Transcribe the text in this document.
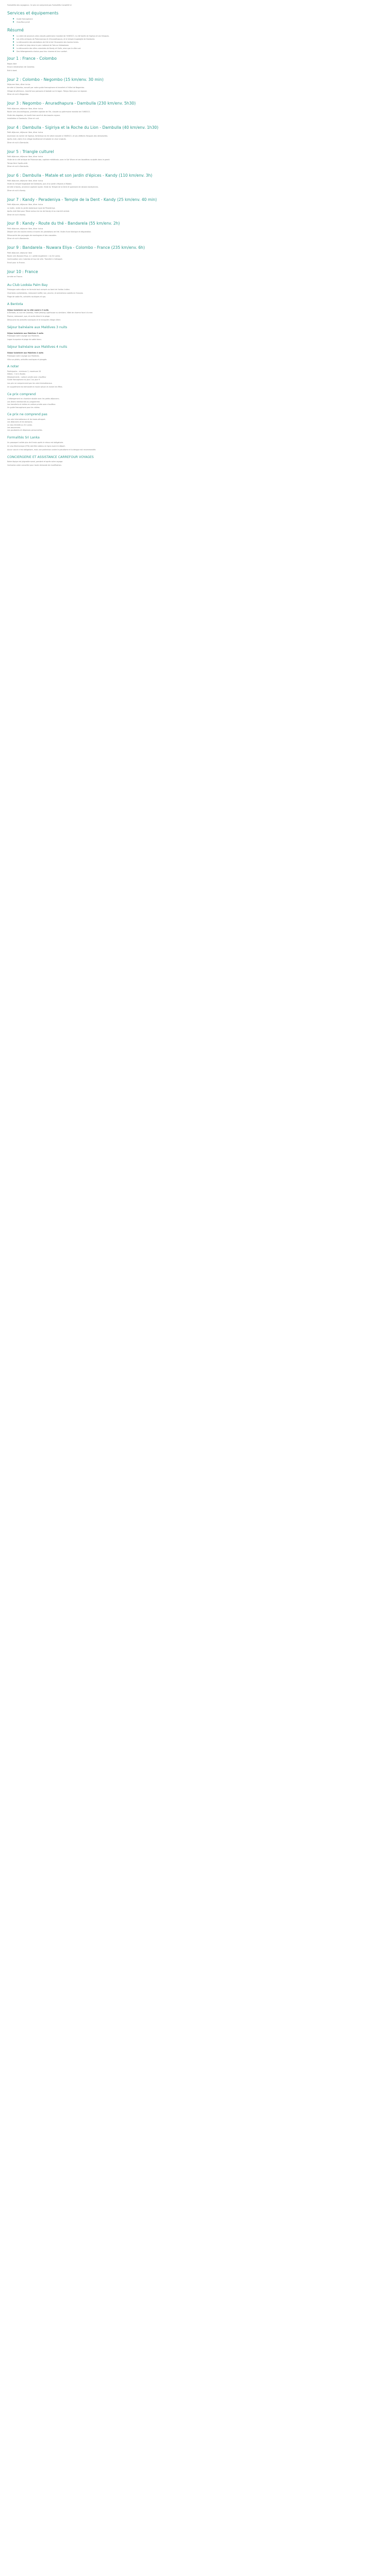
Formalités des voyageurs. Ce prix ne comprend pas Formalités Conseillé Ici

Services et équipements
■ Guide francophone
■ Chauffeur privé
Résumé
■ La visite de plusieurs sites classés patrimoine mondial de l'UNESCO, la cité dorée de Sigiriya et ses fresques.
■ Les cités antiques de Polonnaruwa et d'Anuradhapura, et le temple troglodyte de Dambulla.
■ La découverte des plantations de thé et de l'économie des hautes terres.
■ Le safari en Jeep dans le parc national de Yala ou Udawalawe.
■ La découverte des villes coloniales de Kandy et Galle, ainsi que la côte sud.
■ Des hébergements choisis pour leur charme et leur confort.
Jour 1 : France - Colombo

Repas libre

Envol à destination de Colombo.

Nuit à bord.

Jour 2 : Colombo - Negombo (15 km/env. 30 min)

Déjeuner libre, dîner inclus

Arrivée à Colombo, accueil par notre guide francophone et transfert à l'hôtel de Negombo.

Village de pêcheurs, marché aux poissons et balade sur le lagon. Temps libre pour se reposer.

Dîner et nuit à Negombo.

Jour 3 : Negombo - Anuradhapura - Dambulla (230 km/env. 5h30)

Petit déjeuner, déjeuner libre, dîner inclus

Route vers Anuradhapura, première capitale de l'île, classée au patrimoine mondial de l'UNESCO.

Visite des dagobas, du bodhi tree sacré et des bassins royaux.

Installation à Dambulla. Dîner et nuit.

Jour 4 : Dambulla - Sigiriya et la Roche du Lion - Dambulla (40 km/env. 1h30)

Petit déjeuner, déjeuner libre, dîner inclus

Ascension du rocher de Sigiriya, forteresse du Ve siècle classée à l'UNESCO, et ses célèbres fresques des demoiselles.

Après-midi, visite d'un village traditionnel et balade en char à bœufs.

Dîner et nuit à Dambulla.

Jour 5 : Triangle culturel

Petit déjeuner, déjeuner libre, dîner inclus

Visite de la cité antique de Polonnaruwa, capitale médiévale, avec le Gal Vihara et ses bouddhas sculptés dans le granit.

Temps libre l'après-midi.

Dîner et nuit à Dambulla.

Jour 6 : Dambulla - Matale et son jardin d'épices - Kandy (110 km/env. 3h)

Petit déjeuner, déjeuner libre, dîner inclus

Visite du temple troglodyte de Dambulla, puis d'un jardin d'épices à Matale.

Arrivée à Kandy, ancienne capitale royale. Visite du Temple de la Dent et spectacle de danses kandyennes.

Dîner et nuit à Kandy.

Jour 7 : Kandy - Peradeniya - Temple de la Dent - Kandy (25 km/env. 40 min)

Petit déjeuner, déjeuner libre, dîner inclus

Le matin, visite du jardin botanique royal de Peradeniya.

Après-midi libre pour flâner autour du lac de Kandy et au marché central.

Dîner et nuit à Kandy.

Jour 8 : Kandy - Route du thé - Bandarela (55 km/env. 2h)

Petit déjeuner, déjeuner libre, dîner inclus

Départ vers les hautes terres à travers les plantations de thé. Visite d'une fabrique et dégustation.

Découverte des paysages de montagnes et des cascades.

Dîner et nuit à Bandarela.

Jour 9 : Bandarela - Nuwara Eliya - Colombo - France (235 km/env. 6h)

Petit déjeuner, déjeuner libre

Route vers Nuwara Eliya, la « petite Angleterre » du Sri Lanka.

Continuation vers Colombo et tour de ville. Transfert à l'aéroport.

Envol pour la France.

Jour 10 : France

Arrivée en France.

Au Club Lookéa Palm Bay

Prolongez votre séjour en formule tout compris au bord de l'océan Indien.

Chambres confortables, restaurant buffet, bar, piscine, et animations Lookéa en français.

Plage de sable fin, activités nautiques et spa.

A Bentota
Séjour balnéaire sur la côte ouest à 3 nuits

À Bentota, au sud de Colombo, Hotel Jetwing Lighthouse ou similaire, hôtel de charme face à la mer.

Piscine, restaurant, spa, et accès direct à la plage.

Découvrez les activités nautiques et le tranquille village côtier.

Séjour balnéaire aux Maldives 3 nuits
Séjour balnéaire aux Maldives 3 nuits

Prolongez votre voyage aux Maldives.

Lagon turquoise et plage de sable blanc.

Séjour balnéaire aux Maldives 4 nuits
Séjour balnéaire aux Maldives 4 nuits

Prolongez votre voyage aux Maldives.

Villa sur pilotis, activités nautiques et plongée.

A noter
Participants : minimum 2, maximum 20
Hôtels : 3 et 4 étoiles
Déplacements : voiture privée avec chauffeur
Guide francophone du Jour 2 au Jour 9

Les prix ne comprennent pas les vols internationaux.

Un supplément est demandé en haute saison et durant les fêtes.

Ce prix comprend
L'hébergement en chambre double avec les petits déjeuners.
Les dîners mentionnés au programme.
Les transferts et visites en voiture privée avec chauffeur.
Un guide francophone pour les visites.
Ce prix ne comprend pas
Les vols internationaux et les taxes aéroport.
Les déjeuners et les boissons.
Le visa d'entrée au Sri Lanka.
Les assurances.
Les pourboires et dépenses personnelles.
Formalités Sri Lanka

Un passeport valide plus de 6 mois après le retour est obligatoire.

Un visa électronique (ETA) doit être obtenu en ligne avant le départ.

Aucun vaccin n'est obligatoire, mais une protection contre le paludisme et la dengue est recommandée.

CONCIERGERIE ET ASSISTANCE CARREFOUR VOYAGES

Notre équipe est joignable avant, pendant et après votre voyage.

Contactez votre conseiller pour toute demande de modification.
